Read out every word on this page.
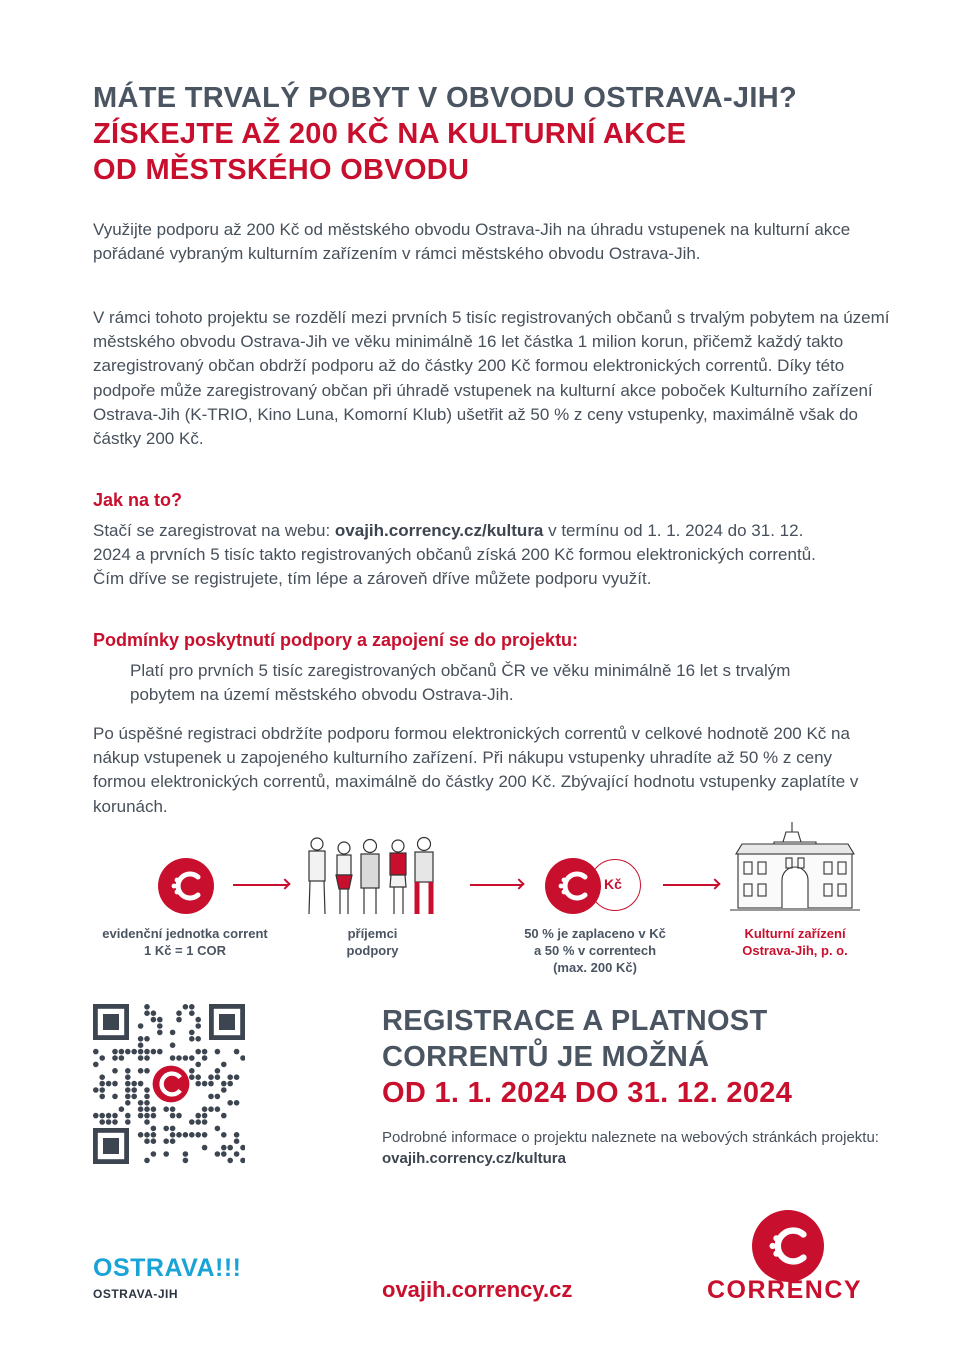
MÁTE TRVALÝ POBYT V OBVODU OSTRAVA-JIH?
ZÍSKEJTE AŽ 200 KČ NA KULTURNÍ AKCE
OD MĚSTSKÉHO OBVODU

Využijte podporu až 200 Kč od městského obvodu Ostrava-Jih na úhradu vstupenek na kulturní akce pořádané vybraným kulturním zařízením v rámci městského obvodu Ostrava-Jih.

V rámci tohoto projektu se rozdělí mezi prvních 5 tisíc registrovaných občanů s trvalým pobytem na území městského obvodu Ostrava-Jih ve věku minimálně 16 let částka 1 milion korun, přičemž každý takto zaregistrovaný občan obdrží podporu až do částky 200 Kč formou elektronických correntů. Díky této podpoře může zaregistrovaný občan při úhradě vstupenek na kulturní akce poboček Kulturního zařízení Ostrava-Jih (K-TRIO, Kino Luna, Komorní Klub) ušetřit až 50 % z ceny vstupenky, maximálně však do částky 200 Kč.

Jak na to?

Stačí se zaregistrovat na webu: ovajih.corrency.cz/kultura v termínu od 1. 1. 2024 do 31. 12. 2024 a prvních 5 tisíc takto registrovaných občanů získá 200 Kč formou elektronických correntů. Čím dříve se registrujete, tím lépe a zároveň dříve můžete podporu využít.

Podmínky poskytnutí podpory a zapojení se do projektu:

Platí pro prvních 5 tisíc zaregistrovaných občanů ČR ve věku minimálně 16 let s trvalým pobytem na území městského obvodu Ostrava-Jih.

Po úspěšné registraci obdržíte podporu formou elektronických correntů v celkové hodnotě 200 Kč na nákup vstupenek u zapojeného kulturního zařízení. Při nákupu vstupenky uhradíte až 50 % z ceny formou elektronických correntů, maximálně do částky 200 Kč. Zbývající hodnotu vstupenky zaplatíte v korunách.

Kč
evidenční jednotka corrent
1 Kč = 1 COR
příjemci
podpory
50 % je zaplaceno v Kč
a 50 % v correntech
(max. 200 Kč)
Kulturní zařízení
Ostrava-Jih, p. o.
REGISTRACE A PLATNOST
CORRENTŮ JE MOŽNÁ
OD 1. 1. 2024 DO 31. 12. 2024

Podrobné informace o projektu naleznete na webových stránkách projektu: ovajih.corrency.cz/kultura

OSTRAVA!!!
OSTRAVA-JIH	ovajih.corrency.cz	CORRENCY
